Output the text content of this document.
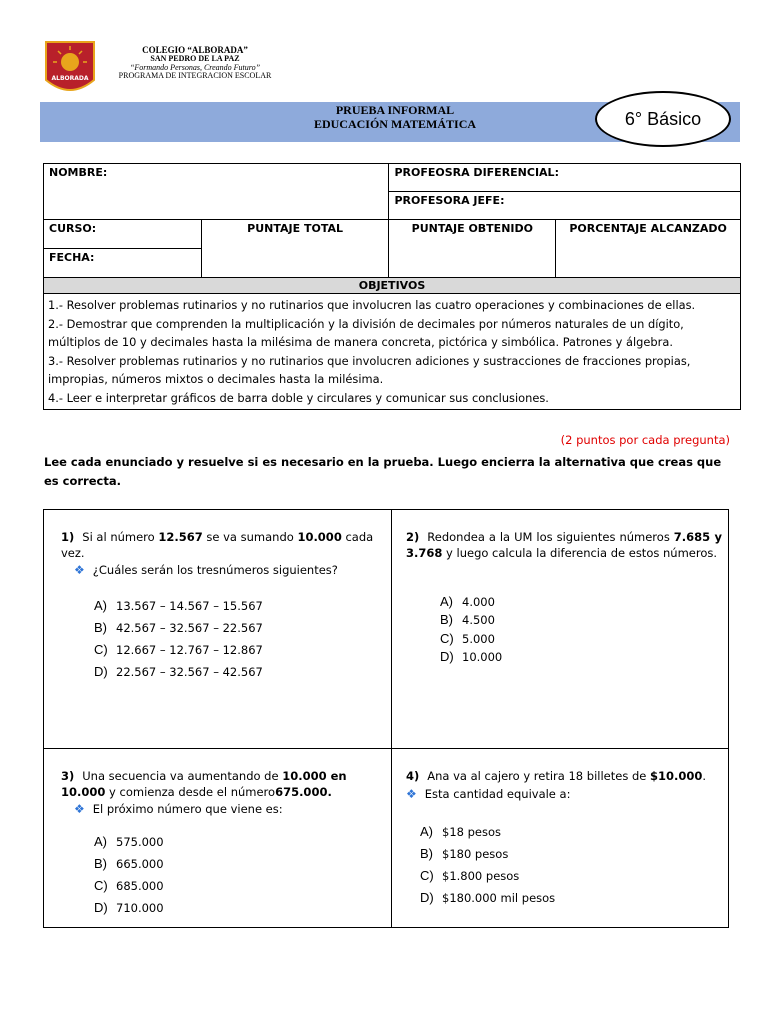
ALBORADA
COLEGIO “ALBORADA”
SAN PEDRO DE LA PAZ
“Formando Personas, Creando Futuro”
PROGRAMA DE INTEGRACION ESCOLAR
PRUEBA INFORMAL
EDUCACIÓN MATEMÁTICA	6° Básico
NOMBRE:		PROFEOSRA DIFERENCIAL:	
		PROFESORA JEFE:	
CURSO:	PUNTAJE TOTAL	PUNTAJE OBTENIDO	PORCENTAJE ALCANZADO
FECHA:			
OBJETIVOS			

1.- Resolver problemas rutinarios y no rutinarios que involucren las cuatro operaciones y combinaciones de ellas.
2.- Demostrar que comprenden la multiplicación y la división de decimales por números naturales de un dígito, múltiplos de 10 y decimales hasta la milésima de manera concreta, pictórica y simbólica. Patrones y álgebra.
3.- Resolver problemas rutinarios y no rutinarios que involucren adiciones y sustracciones de fracciones propias, impropias, números mixtos o decimales hasta la milésima.
4.- Leer e interpretar gráficos de barra doble y circulares y comunicar sus conclusiones.			
(2 puntos por cada pregunta)
Lee cada enunciado y resuelve si es necesario en la prueba. Luego encierra la alternativa que creas que es correcta.
1) Si al número 12.567 se va sumando 10.000 cada vez.
❖ ¿Cuáles serán los tresnúmeros siguientes?
A) 13.567 – 14.567 – 15.567
B) 42.567 – 32.567 – 22.567
C) 12.667 – 12.767 – 12.867
D) 22.567 – 32.567 – 42.567
2) Redondea a la UM los siguientes números 7.685 y 3.768 y luego calcula la diferencia de estos números.
A) 4.000
B) 4.500
C) 5.000
D) 10.000
3) Una secuencia va aumentando de 10.000 en 10.000 y comienza desde el número675.000.
❖ El próximo número que viene es:
A) 575.000
B) 665.000
C) 685.000
D) 710.000
4) Ana va al cajero y retira 18 billetes de $10.000.
❖ Esta cantidad equivale a:
A) $18 pesos
B) $180 pesos
C) $1.800 pesos
D) $180.000 mil pesos
